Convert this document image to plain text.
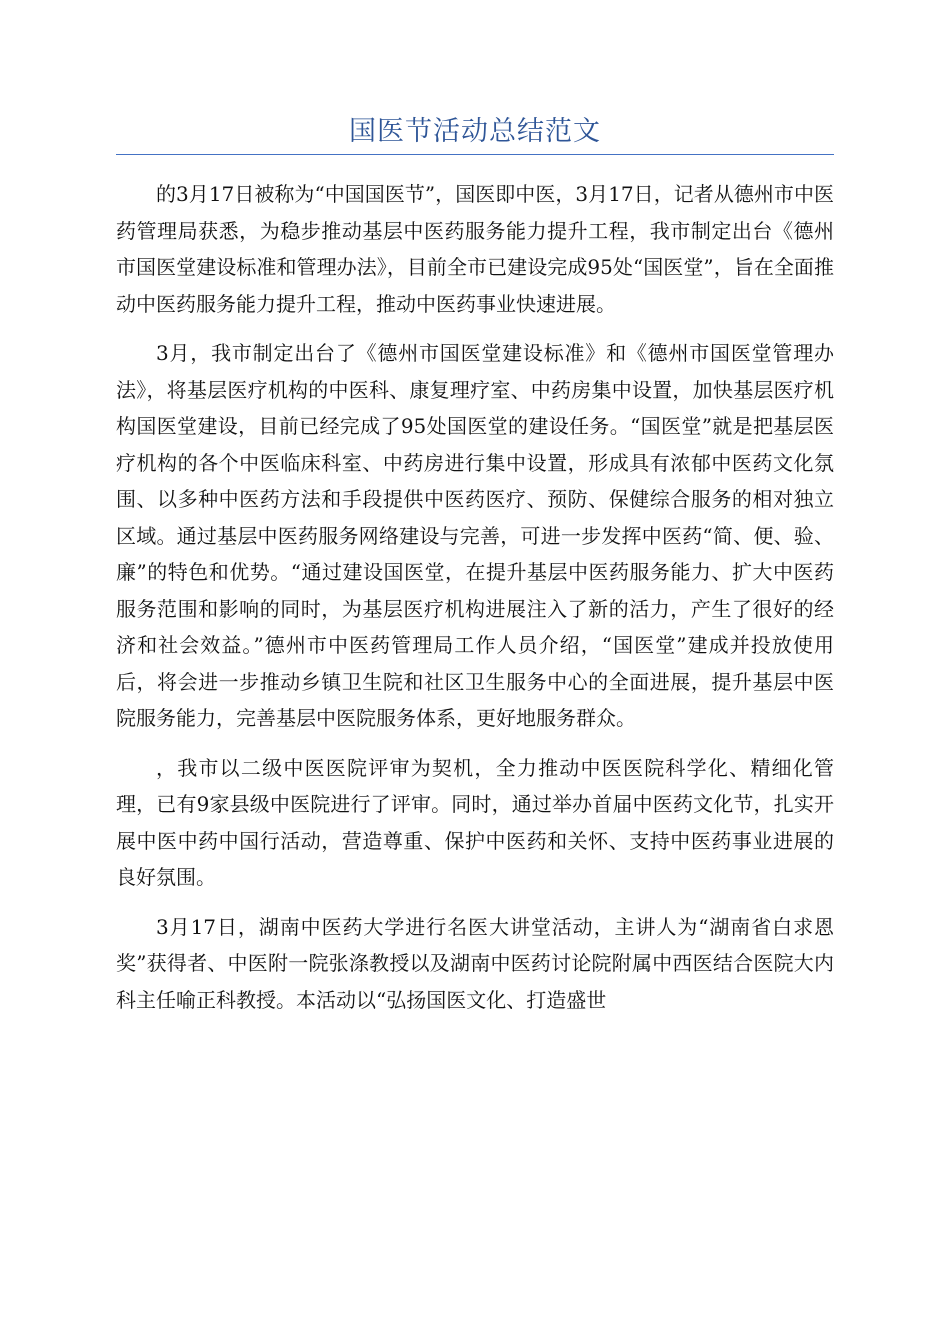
国医节活动总结范文

的3月17日被称为“中国国医节”，国医即中医，3月17日，记者从德州市中医药管理局获悉，为稳步推动基层中医药服务能力提升工程，我市制定出台《德州市国医堂建设标准和管理办法》，目前全市已建设完成95处“国医堂”，旨在全面推动中医药服务能力提升工程，推动中医药事业快速进展。

3月，我市制定出台了《德州市国医堂建设标准》和《德州市国医堂管理办法》，将基层医疗机构的中医科、康复理疗室、中药房集中设置，加快基层医疗机构国医堂建设，目前已经完成了95处国医堂的建设任务。“国医堂”就是把基层医疗机构的各个中医临床科室、中药房进行集中设置，形成具有浓郁中医药文化氛围、以多种中医药方法和手段提供中医药医疗、预防、保健综合服务的相对独立区域。通过基层中医药服务网络建设与完善，可进一步发挥中医药“简、便、验、廉”的特色和优势。“通过建设国医堂，在提升基层中医药服务能力、扩大中医药服务范围和影响的同时，为基层医疗机构进展注入了新的活力，产生了很好的经济和社会效益。”德州市中医药管理局工作人员介绍，“国医堂”建成并投放使用后，将会进一步推动乡镇卫生院和社区卫生服务中心的全面进展，提升基层中医院服务能力，完善基层中医院服务体系，更好地服务群众。

，我市以二级中医医院评审为契机，全力推动中医医院科学化、精细化管理，已有9家县级中医院进行了评审。同时，通过举办首届中医药文化节，扎实开展中医中药中国行活动，营造尊重、保护中医药和关怀、支持中医药事业进展的良好氛围。

3月17日，湖南中医药大学进行名医大讲堂活动，主讲人为“湖南省白求恩奖”获得者、中医附一院张涤教授以及湖南中医药讨论院附属中西医结合医院大内科主任喻正科教授。本活动以“弘扬国医文化、打造盛世
